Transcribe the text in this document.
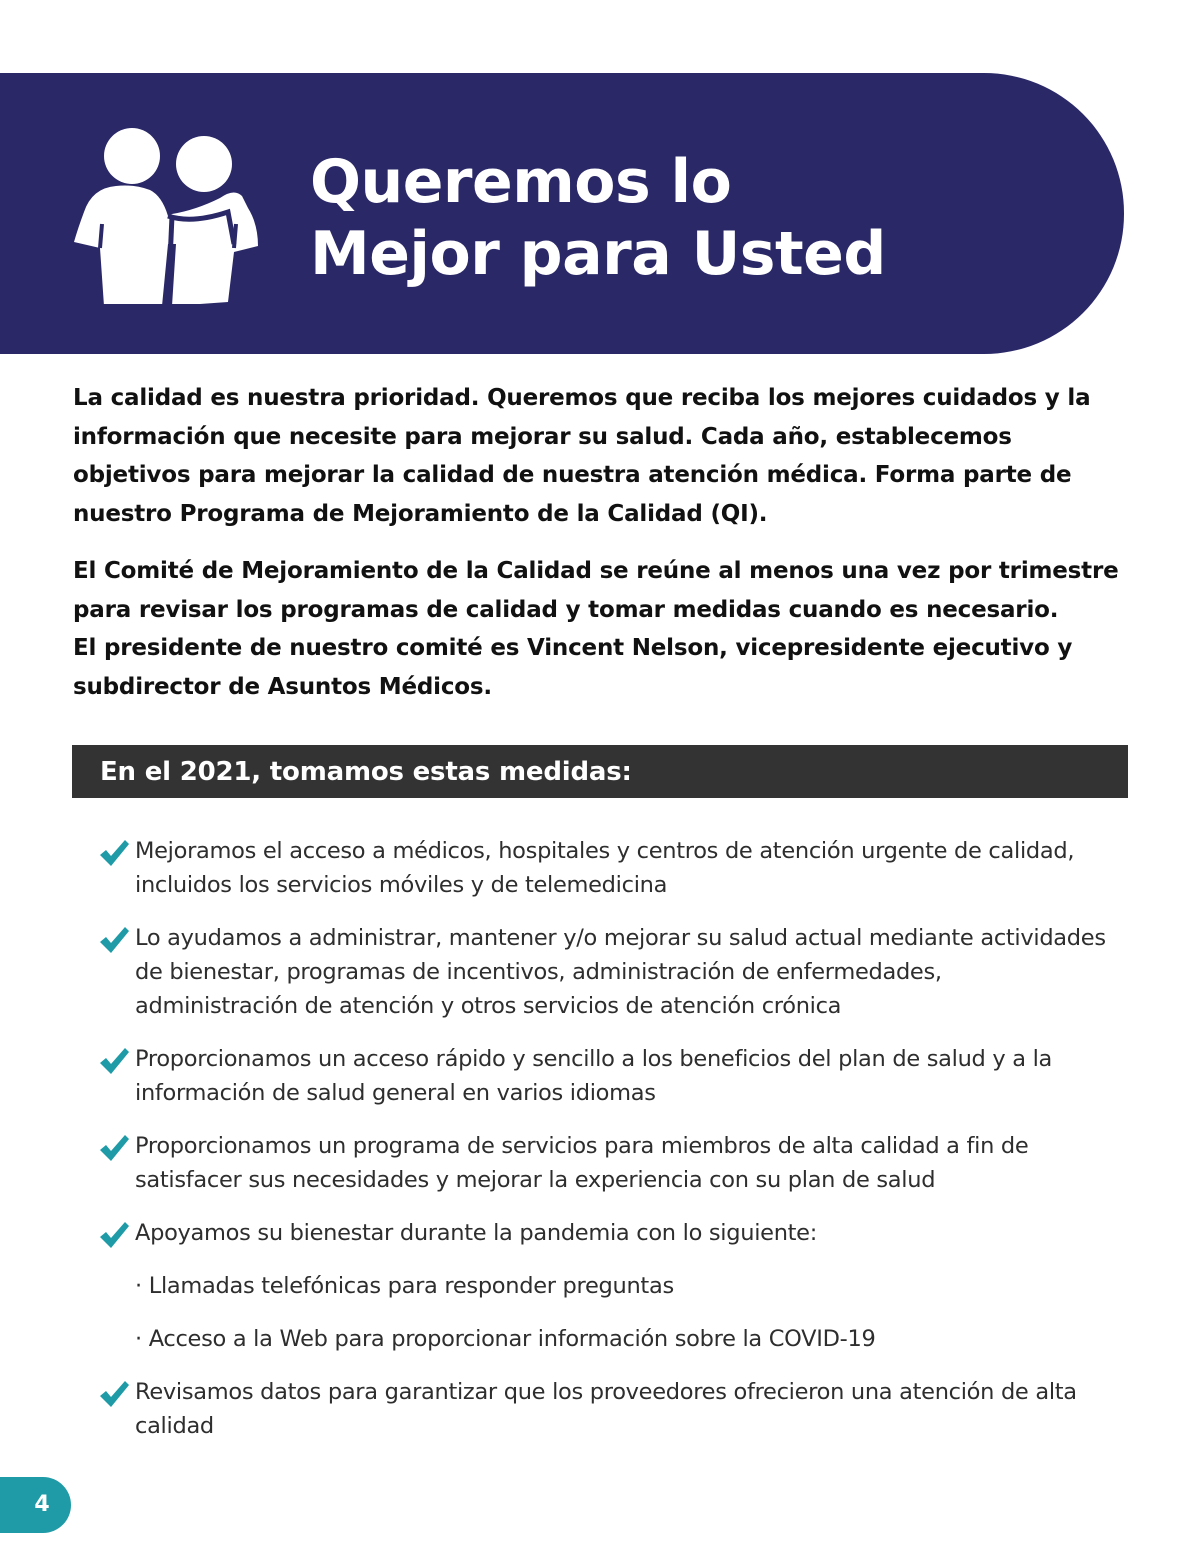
Queremos lo
Mejor para Usted

La calidad es nuestra prioridad. Queremos que reciba los mejores cuidados y la información que necesite para mejorar su salud. Cada año, establecemos objetivos para mejorar la calidad de nuestra atención médica. Forma parte de nuestro Programa de Mejoramiento de la Calidad (QI).

El Comité de Mejoramiento de la Calidad se reúne al menos una vez por trimestre para revisar los programas de calidad y tomar medidas cuando es necesario.
El presidente de nuestro comité es Vincent Nelson, vicepresidente ejecutivo y subdirector de Asuntos Médicos.

En el 2021, tomamos estas medidas:
Mejoramos el acceso a médicos, hospitales y centros de atención urgente de calidad, incluidos los servicios móviles y de telemedicina
Lo ayudamos a administrar, mantener y/o mejorar su salud actual mediante actividades de bienestar, programas de incentivos, administración de enfermedades, administración de atención y otros servicios de atención crónica
Proporcionamos un acceso rápido y sencillo a los beneficios del plan de salud y a la información de salud general en varios idiomas
Proporcionamos un programa de servicios para miembros de alta calidad a fin de satisfacer sus necesidades y mejorar la experiencia con su plan de salud
Apoyamos su bienestar durante la pandemia con lo siguiente:
· Llamadas telefónicas para responder preguntas
· Acceso a la Web para proporcionar información sobre la COVID-19
Revisamos datos para garantizar que los proveedores ofrecieron una atención de alta calidad
4
